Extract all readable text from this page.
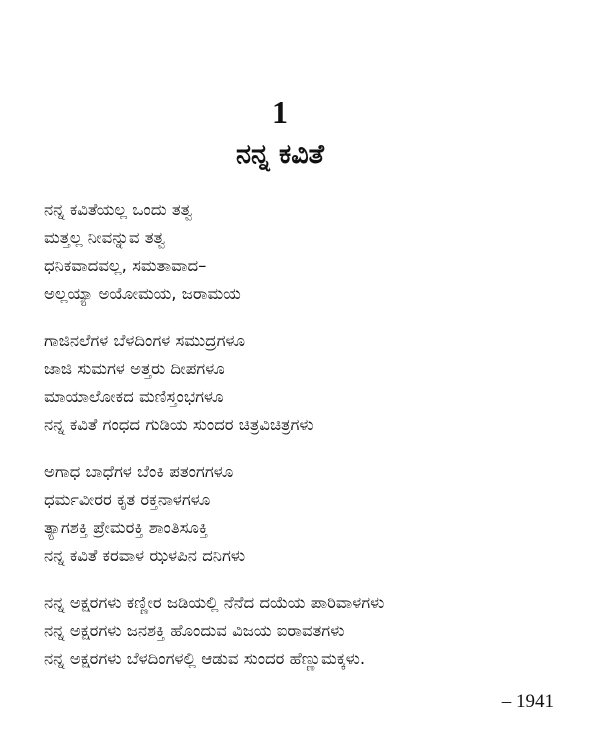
1
ನನ್ನ ಕವಿತೆ
ನನ್ನ ಕವಿತೆಯಲ್ಲ ಒಂದು ತತ್ವ
ಮತ್ತಲ್ಲ ನೀವನ್ನುವ ತತ್ವ
ಧನಿಕವಾದವಲ್ಲ, ಸಮತಾವಾದ–
ಅಲ್ಲಯ್ಯಾ ಅಯೋಮಯ, ಜರಾಮಯ
ಗಾಜಿನಲೆಗಳ ಬೆಳದಿಂಗಳ ಸಮುದ್ರಗಳೂ
ಜಾಜಿ ಸುಮಗಳ ಅತ್ತರು ದೀಪಗಳೂ
ಮಾಯಾಲೋಕದ ಮಣಿಸ್ತಂಭಗಳೂ
ನನ್ನ ಕವಿತೆ ಗಂಧದ ಗುಡಿಯ ಸುಂದರ ಚಿತ್ರವಿಚಿತ್ರಗಳು
ಅಗಾಧ ಬಾಧೆಗಳ ಬೆಂಕಿ ಪತಂಗಗಳೂ
ಧರ್ಮವೀರರ ಕೃತ ರಕ್ತನಾಳಗಳೂ
ತ್ಯಾಗಶಕ್ತಿ ಪ್ರೇಮರಕ್ತಿ ಶಾಂತಿಸೂಕ್ತಿ
ನನ್ನ ಕವಿತೆ ಕರವಾಳ ಝಳಪಿನ ದನಿಗಳು
ನನ್ನ ಅಕ್ಷರಗಳು ಕಣ್ಣೀರ ಜಡಿಯಲ್ಲಿ ನೆನೆದ ದಯೆಯ ಪಾರಿವಾಳಗಳು
ನನ್ನ ಅಕ್ಷರಗಳು ಜನಶಕ್ತಿ ಹೊಂದುವ ವಿಜಯ ಐರಾವತಗಳು
ನನ್ನ ಅಕ್ಷರಗಳು ಬೆಳದಿಂಗಳಲ್ಲಿ ಆಡುವ ಸುಂದರ ಹೆಣ್ಣುಮಕ್ಕಳು.
– 1941
